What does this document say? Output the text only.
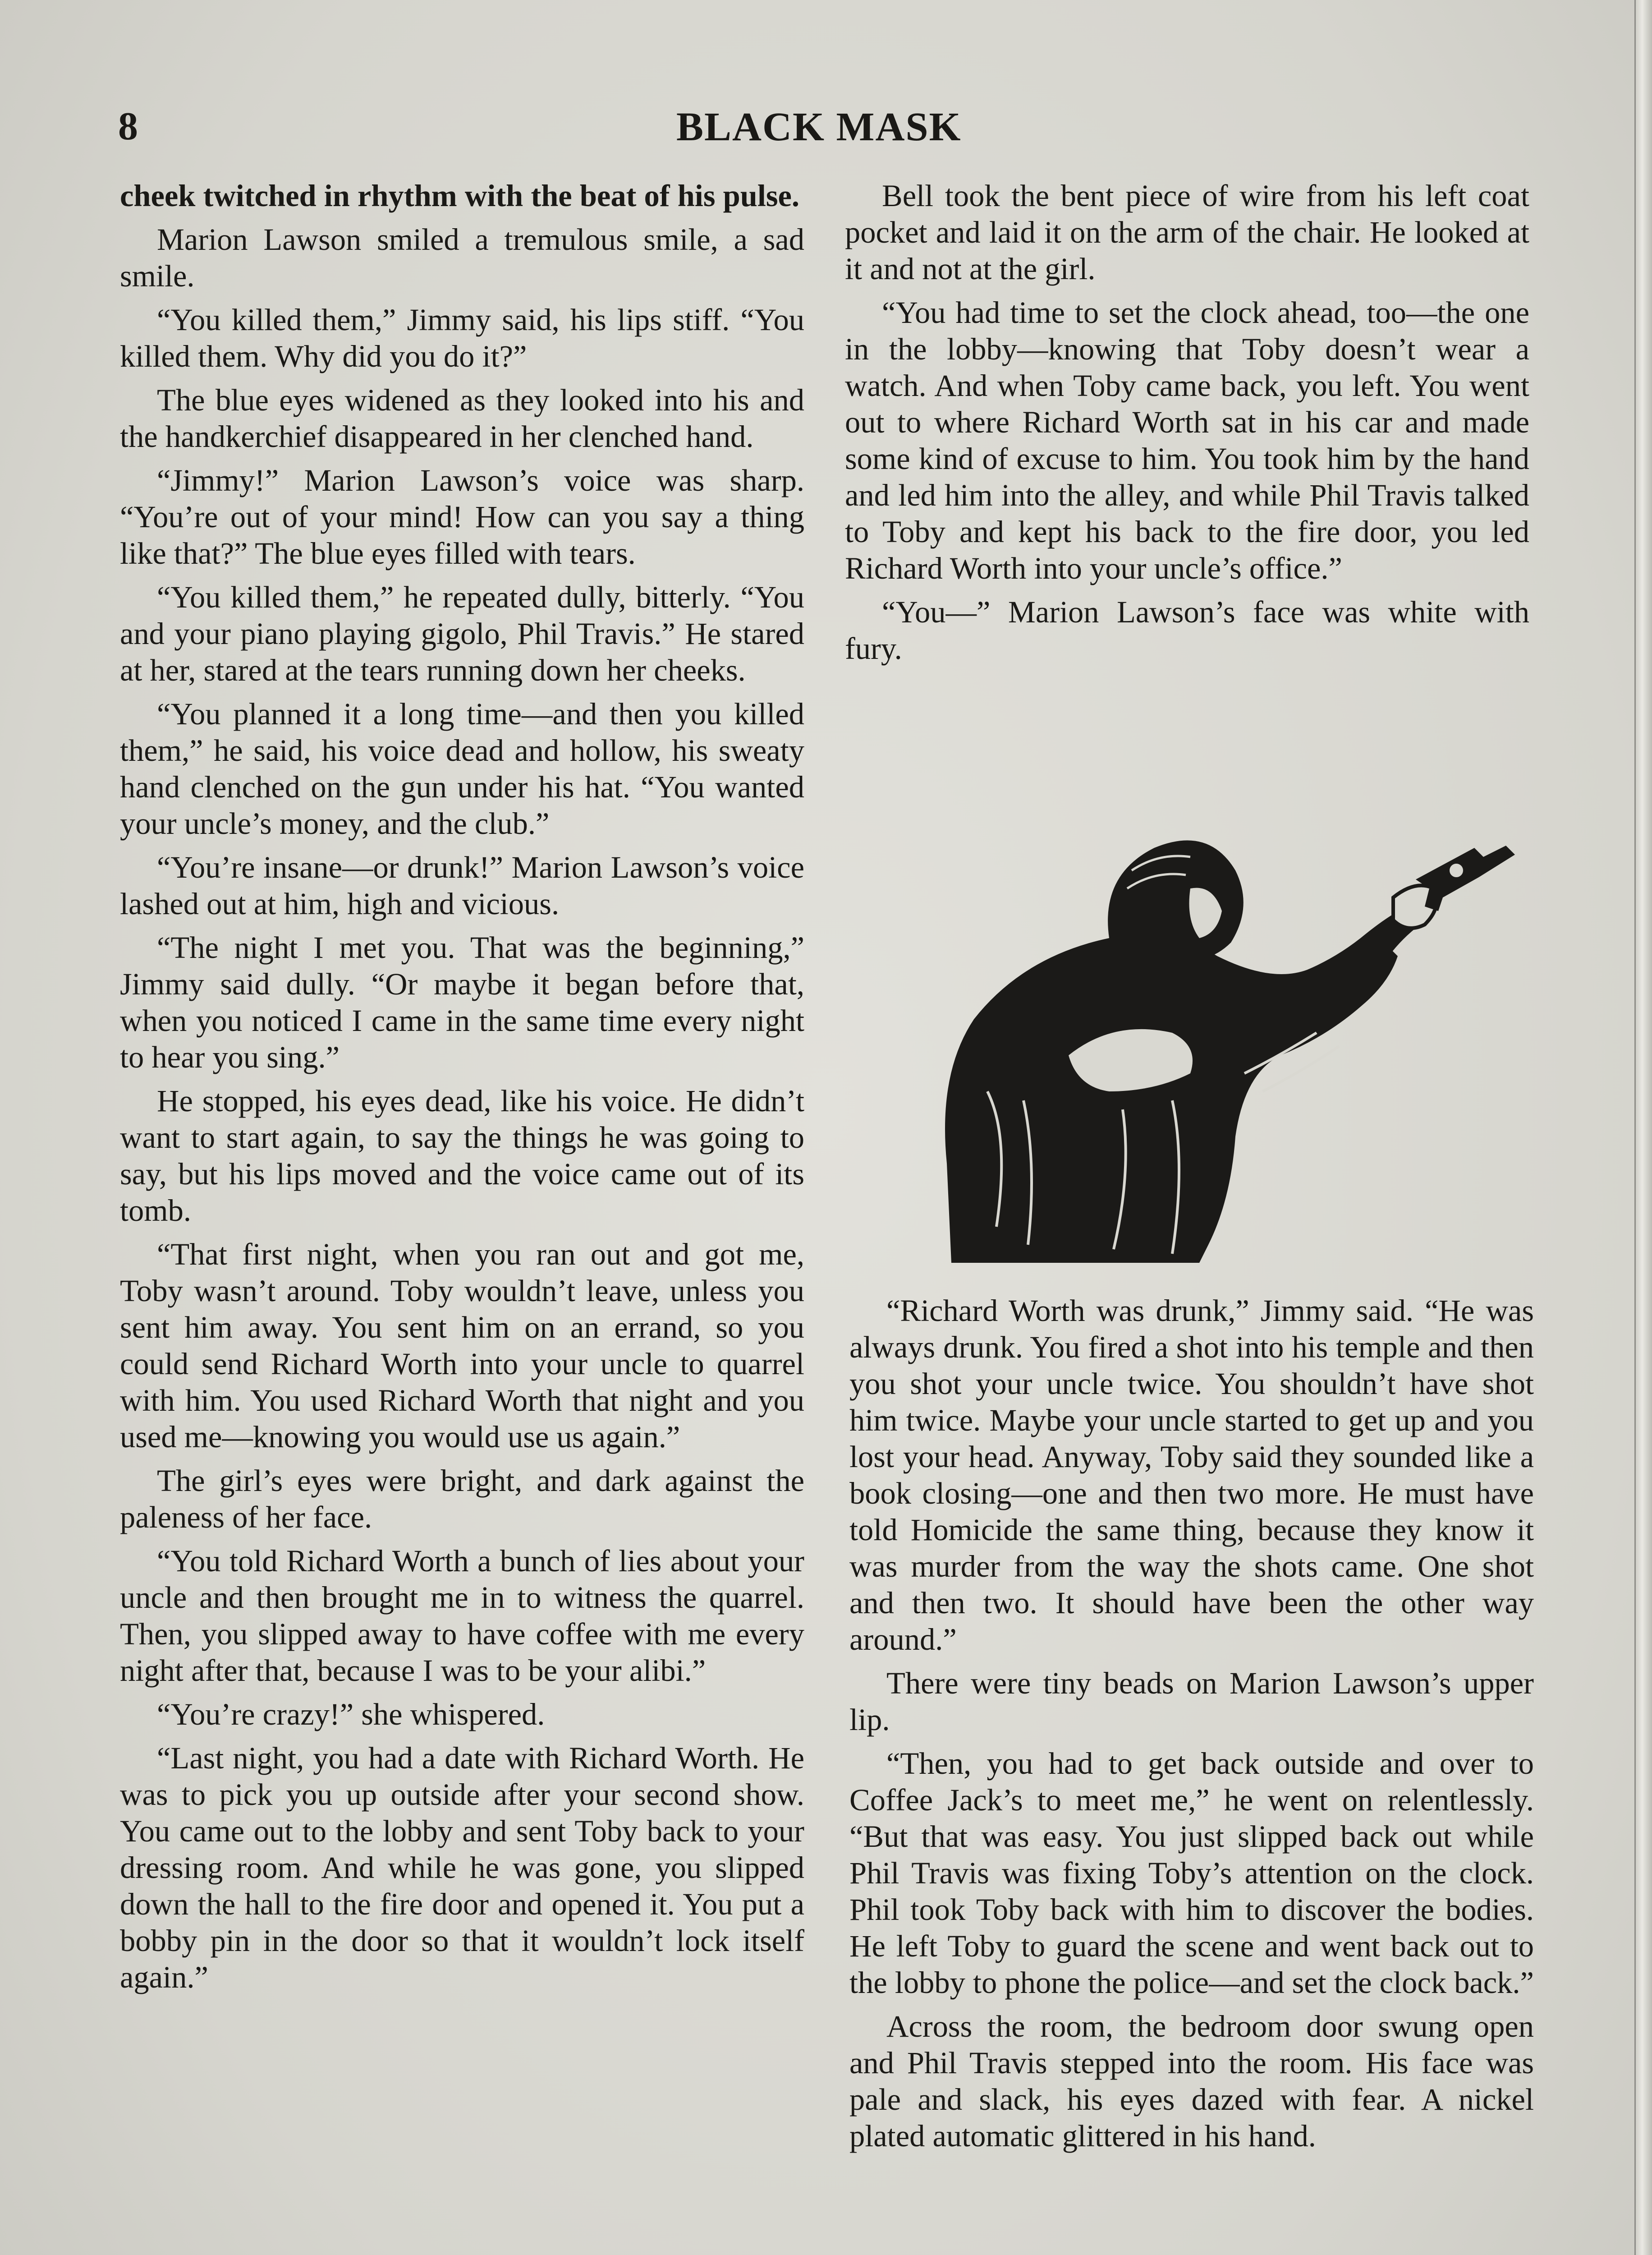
8	BLACK MASK

cheek twitched in rhythm with the beat of his pulse.

Marion Lawson smiled a tremulous smile, a sad smile.

“You killed them,” Jimmy said, his lips stiff. “You killed them. Why did you do it?”

The blue eyes widened as they looked into his and the handkerchief disappeared in her clenched hand.

“Jimmy!” Marion Lawson’s voice was sharp. “You’re out of your mind! How can you say a thing like that?” The blue eyes filled with tears.

“You killed them,” he repeated dully, bitterly. “You and your piano playing gigolo, Phil Travis.” He stared at her, stared at the tears running down her cheeks.

“You planned it a long time—and then you killed them,” he said, his voice dead and hollow, his sweaty hand clenched on the gun under his hat. “You wanted your uncle’s money, and the club.”

“You’re insane—or drunk!” Marion Lawson’s voice lashed out at him, high and vicious.

“The night I met you. That was the beginning,” Jimmy said dully. “Or maybe it began before that, when you noticed I came in the same time every night to hear you sing.”

He stopped, his eyes dead, like his voice. He didn’t want to start again, to say the things he was going to say, but his lips moved and the voice came out of its tomb.

“That first night, when you ran out and got me, Toby wasn’t around. Toby wouldn’t leave, unless you sent him away. You sent him on an errand, so you could send Richard Worth into your uncle to quarrel with him. You used Richard Worth that night and you used me—knowing you would use us again.”

The girl’s eyes were bright, and dark against the paleness of her face.

“You told Richard Worth a bunch of lies about your uncle and then brought me in to witness the quarrel. Then, you slipped away to have coffee with me every night after that, because I was to be your alibi.”

“You’re crazy!” she whispered.

“Last night, you had a date with Richard Worth. He was to pick you up outside after your second show. You came out to the lobby and sent Toby back to your dressing room. And while he was gone, you slipped down the hall to the fire door and opened it. You put a bobby pin in the door so that it wouldn’t lock itself again.”

Bell took the bent piece of wire from his left coat pocket and laid it on the arm of the chair. He looked at it and not at the girl.

“You had time to set the clock ahead, too—the one in the lobby—knowing that Toby doesn’t wear a watch. And when Toby came back, you left. You went out to where Richard Worth sat in his car and made some kind of excuse to him. You took him by the hand and led him into the alley, and while Phil Travis talked to Toby and kept his back to the fire door, you led Richard Worth into your uncle’s office.”

“You—” Marion Lawson’s face was white with fury.

“Richard Worth was drunk,” Jimmy said. “He was always drunk. You fired a shot into his temple and then you shot your uncle twice. You shouldn’t have shot him twice. Maybe your uncle started to get up and you lost your head. Anyway, Toby said they sounded like a book closing—one and then two more. He must have told Homicide the same thing, because they know it was murder from the way the shots came. One shot and then two. It should have been the other way around.”

There were tiny beads on Marion Lawson’s upper lip.

“Then, you had to get back outside and over to Coffee Jack’s to meet me,” he went on relentlessly. “But that was easy. You just slipped back out while Phil Travis was fixing Toby’s attention on the clock. Phil took Toby back with him to discover the bodies. He left Toby to guard the scene and went back out to the lobby to phone the police—and set the clock back.”

Across the room, the bedroom door swung open and Phil Travis stepped into the room. His face was pale and slack, his eyes dazed with fear. A nickel plated automatic glittered in his hand.
